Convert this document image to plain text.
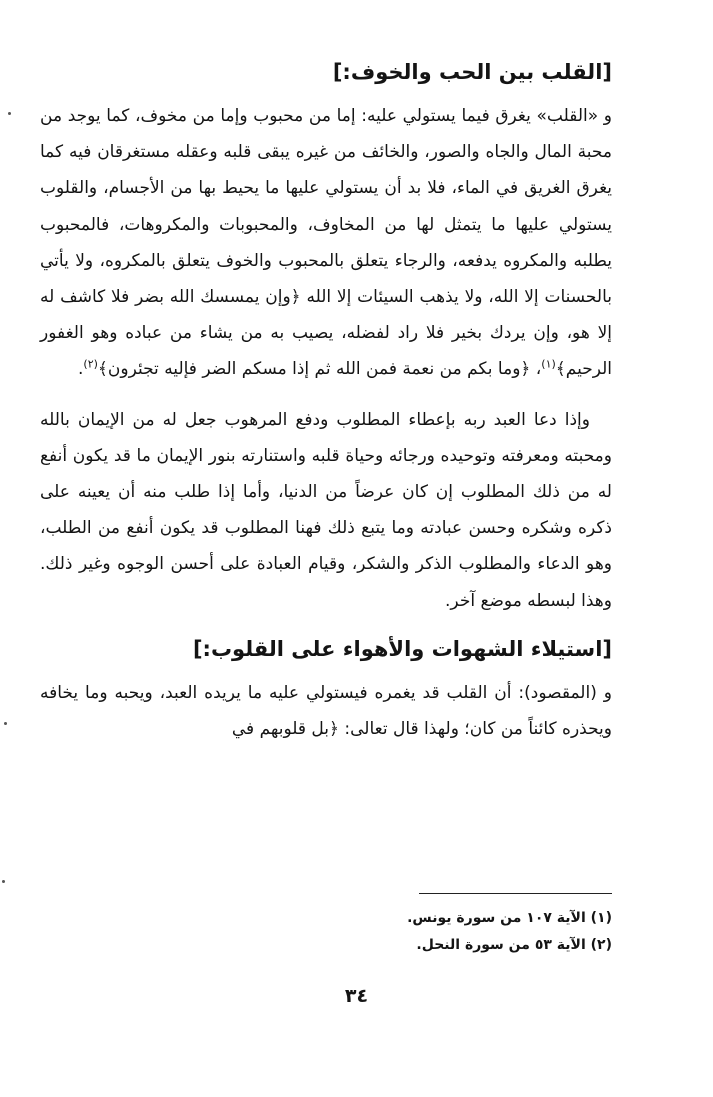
[القلب بين الحب والخوف:]

و «القلب» يغرق فيما يستولي عليه: إما من محبوب وإما من مخوف، كما يوجد من محبة المال والجاه والصور، والخائف من غيره يبقى قلبه وعقله مستغرقان فيه كما يغرق الغريق في الماء، فلا بد أن يستولي عليها ما يحيط بها من الأجسام، والقلوب يستولي عليها ما يتمثل لها من المخاوف، والمحبوبات والمكروهات، فالمحبوب يطلبه والمكروه يدفعه، والرجاء يتعلق بالمحبوب والخوف يتعلق بالمكروه، ولا يأتي بالحسنات إلا الله، ولا يذهب السيئات إلا الله ﴿وإن يمسسك الله بضر فلا كاشف له إلا هو، وإن يردك بخير فلا راد لفضله، يصيب به من يشاء من عباده وهو الغفور الرحيم﴾$^{(١)}$، ﴿وما بكم من نعمة فمن الله ثم إذا مسكم الضر فإليه تجئرون﴾$^{(٢)}$.

وإذا دعا العبد ربه بإعطاء المطلوب ودفع المرهوب جعل له من الإيمان بالله ومحبته ومعرفته وتوحيده ورجائه وحياة قلبه واستنارته بنور الإيمان ما قد يكون أنفع له من ذلك المطلوب إن كان عرضاً من الدنيا، وأما إذا طلب منه أن يعينه على ذكره وشكره وحسن عبادته وما يتبع ذلك فهنا المطلوب قد يكون أنفع من الطلب، وهو الدعاء والمطلوب الذكر والشكر، وقيام العبادة على أحسن الوجوه وغير ذلك. وهذا لبسطه موضع آخر.

[استيلاء الشهوات والأهواء على القلوب:]

و (المقصود): أن القلب قد يغمره فيستولي عليه ما يريده العبد، ويحبه وما يخافه ويحذره كائناً من كان؛ ولهذا قال تعالى: ﴿بل قلوبهم في

(١) الآية ١٠٧ من سورة يونس.
(٢) الآية ٥٣ من سورة النحل.
٣٤
